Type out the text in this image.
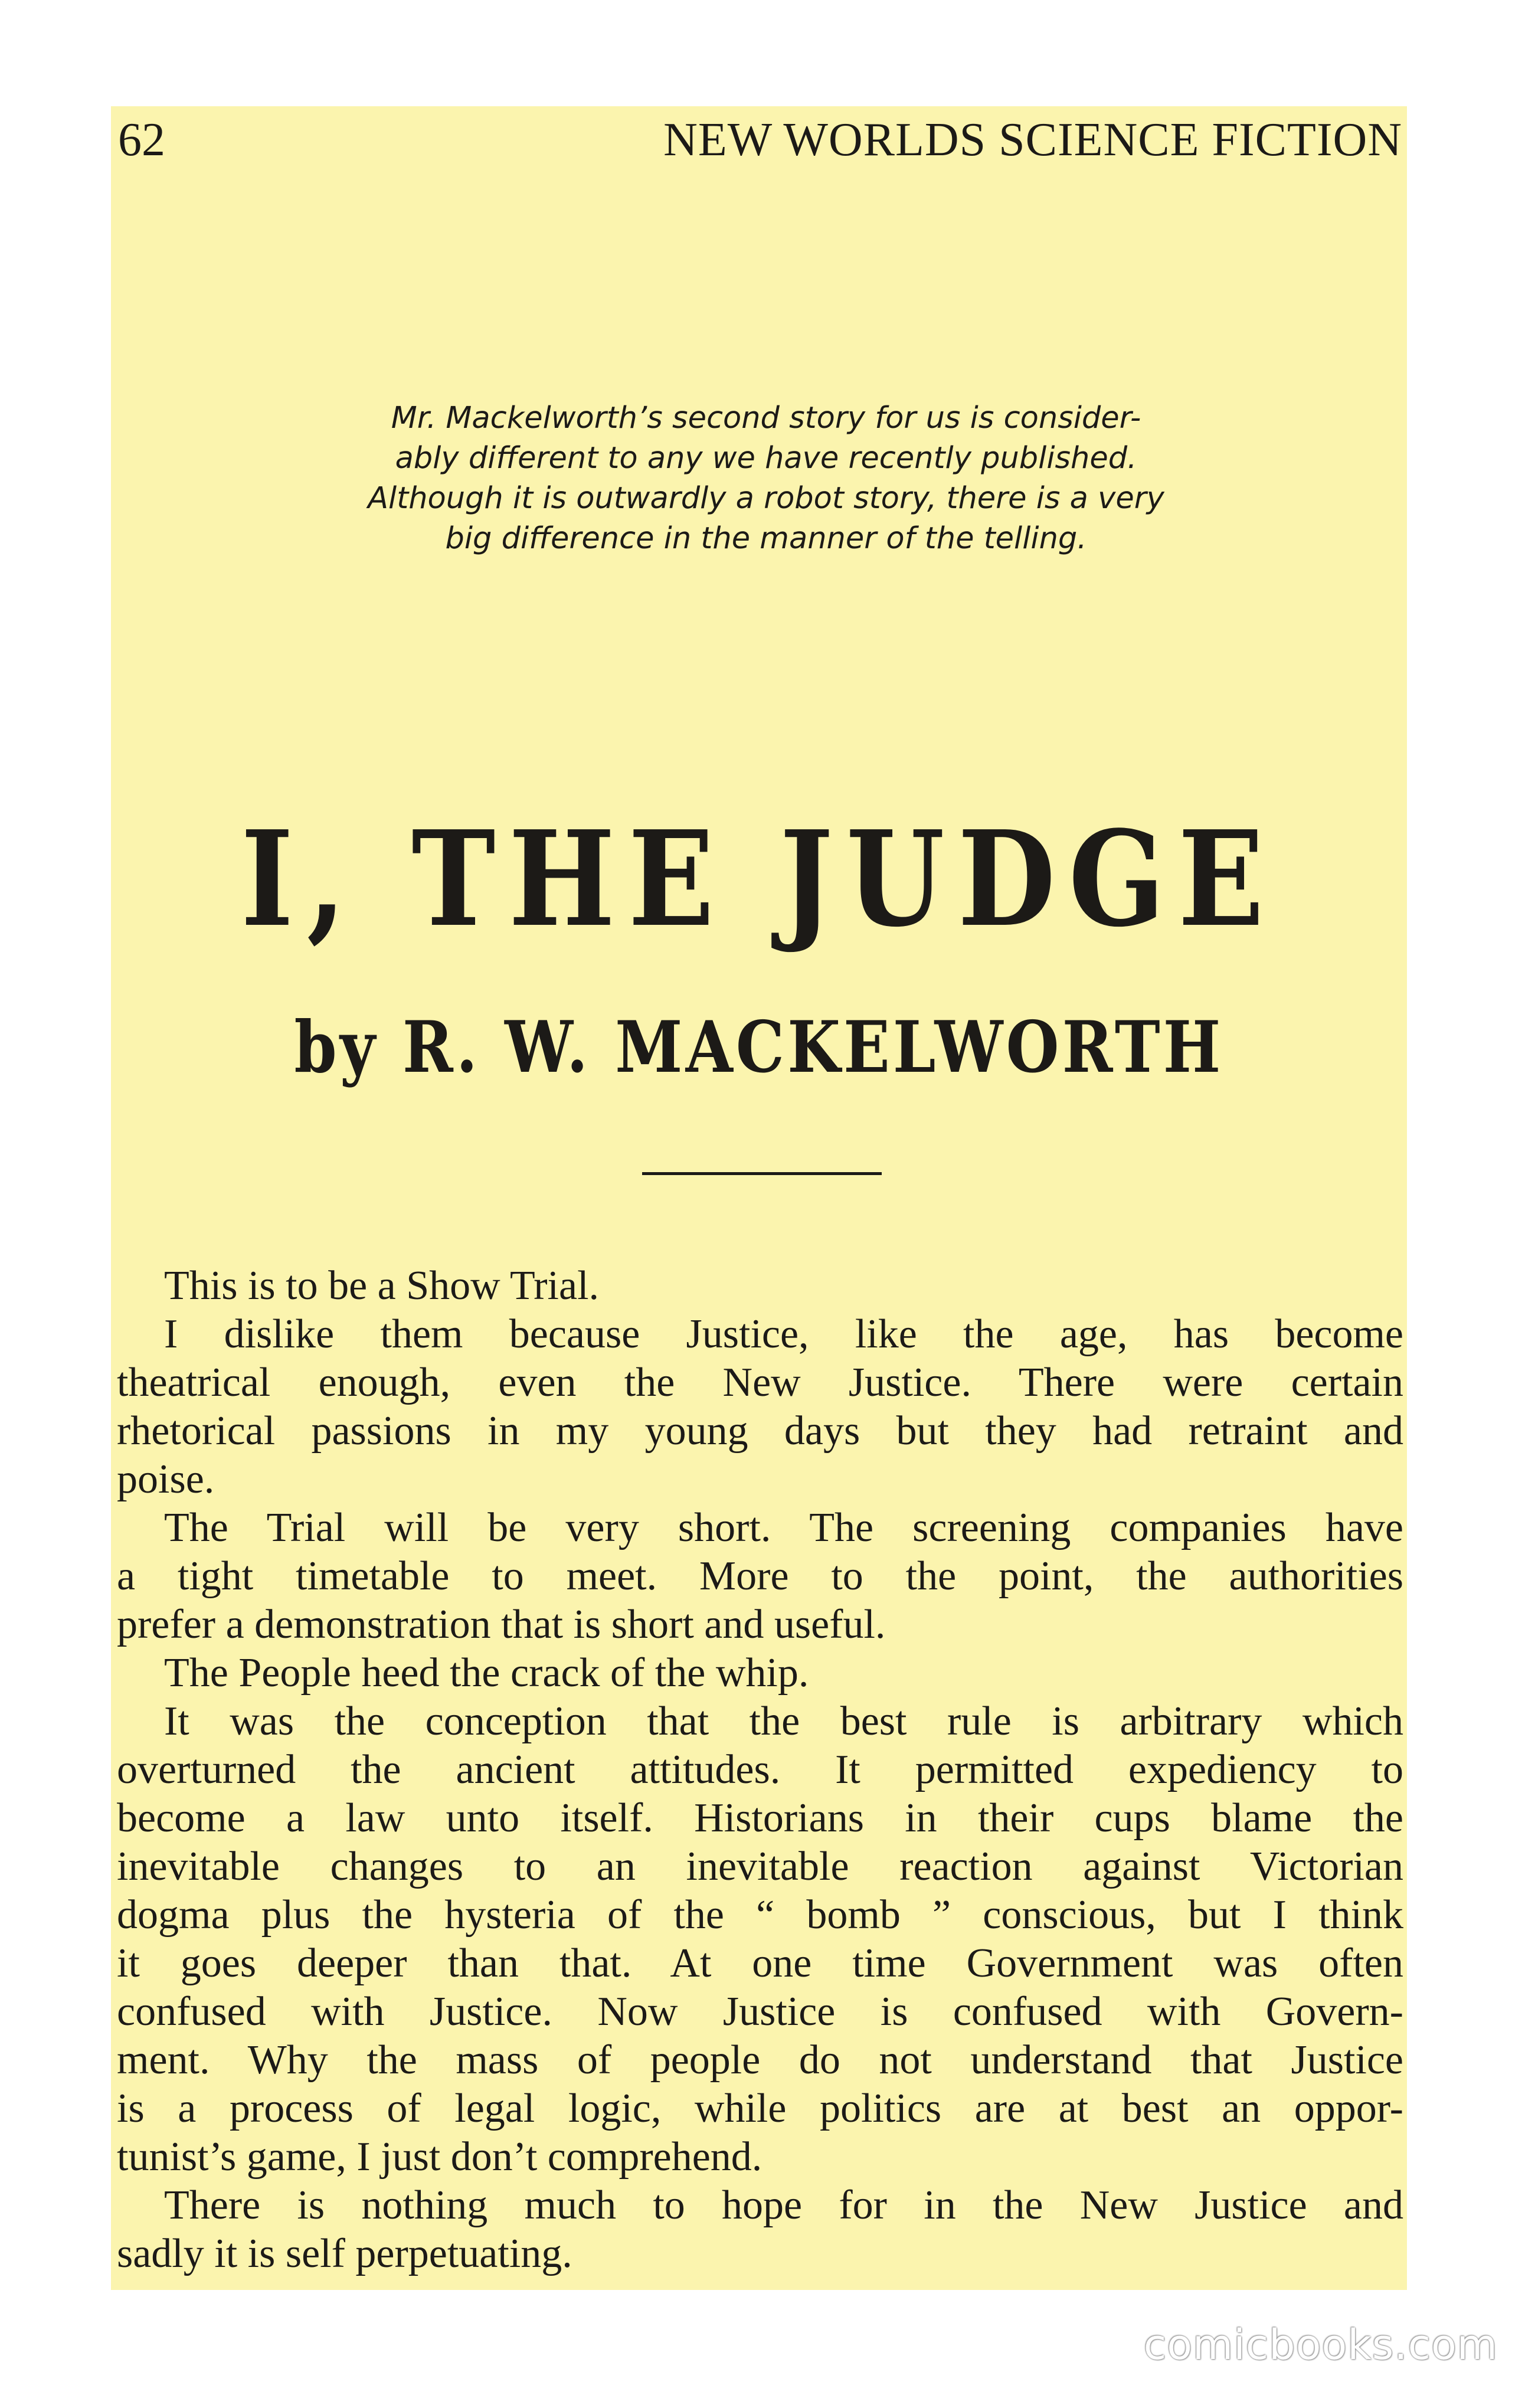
62	NEW WORLDS SCIENCE FICTION
Mr. Mackelworth’s second story for us is consider-
ably different to any we have recently published.
Although it is outwardly a robot story, there is a very
big difference in the manner of the telling.
I, THE JUDGE
by R. W. MACKELWORTH
This is to be a Show Trial.
I dislike them because Justice, like the age, has become
theatrical enough, even the New Justice. There were certain
rhetorical passions in my young days but they had retraint and
poise.
The Trial will be very short. The screening companies have
a tight timetable to meet. More to the point, the authorities
prefer a demonstration that is short and useful.
The People heed the crack of the whip.
It was the conception that the best rule is arbitrary which
overturned the ancient attitudes. It permitted expediency to
become a law unto itself. Historians in their cups blame the
inevitable changes to an inevitable reaction against Victorian
dogma plus the hysteria of the “ bomb ” conscious, but I think
it goes deeper than that. At one time Government was often
confused with Justice. Now Justice is confused with Govern-
ment. Why the mass of people do not understand that Justice
is a process of legal logic, while politics are at best an oppor-
tunist’s game, I just don’t comprehend.
There is nothing much to hope for in the New Justice and
sadly it is self perpetuating.
comicbooks.com
